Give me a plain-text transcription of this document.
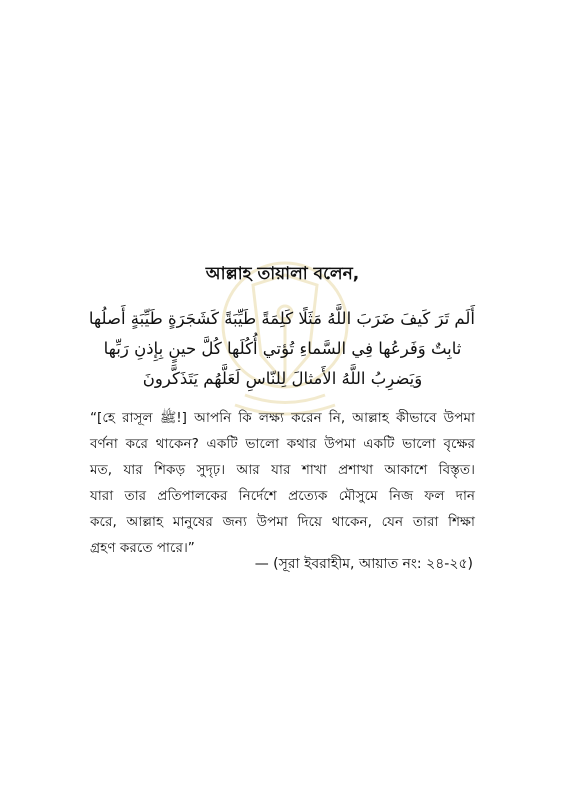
আল্লাহ তায়ালা বলেন,
أَلَم تَرَ كَيفَ ضَرَبَ اللَّهُ مَثَلًا كَلِمَةً طَيِّبَةً كَشَجَرَةٍ طَيِّبَةٍ أَصلُها
ثابِتٌ وَفَرعُها فِي السَّماءِ تُؤتي أُكُلَها كُلَّ حينٍ بِإِذنِ رَبِّها
وَيَضرِبُ اللَّهُ الأَمثالَ لِلنّاسِ لَعَلَّهُم يَتَذَكَّرونَ
“[হে রাসূল ﷺ!] আপনি কি লক্ষ্য করেন নি, আল্লাহ কীভাবে উপমা
বর্ণনা করে থাকেন? একটি ভালো কথার উপমা একটি ভালো বৃক্ষের
মত, যার শিকড় সুদৃঢ়। আর যার শাখা প্রশাখা আকাশে বিস্তৃত।
যারা তার প্রতিপালকের নির্দেশে প্রত্যেক মৌসুমে নিজ ফল দান
করে, আল্লাহ মানুষের জন্য উপমা দিয়ে থাকেন, যেন তারা শিক্ষা
গ্রহণ করতে পারে।”
— (সূরা ইবরাহীম, আয়াত নং: ২৪-২৫)
